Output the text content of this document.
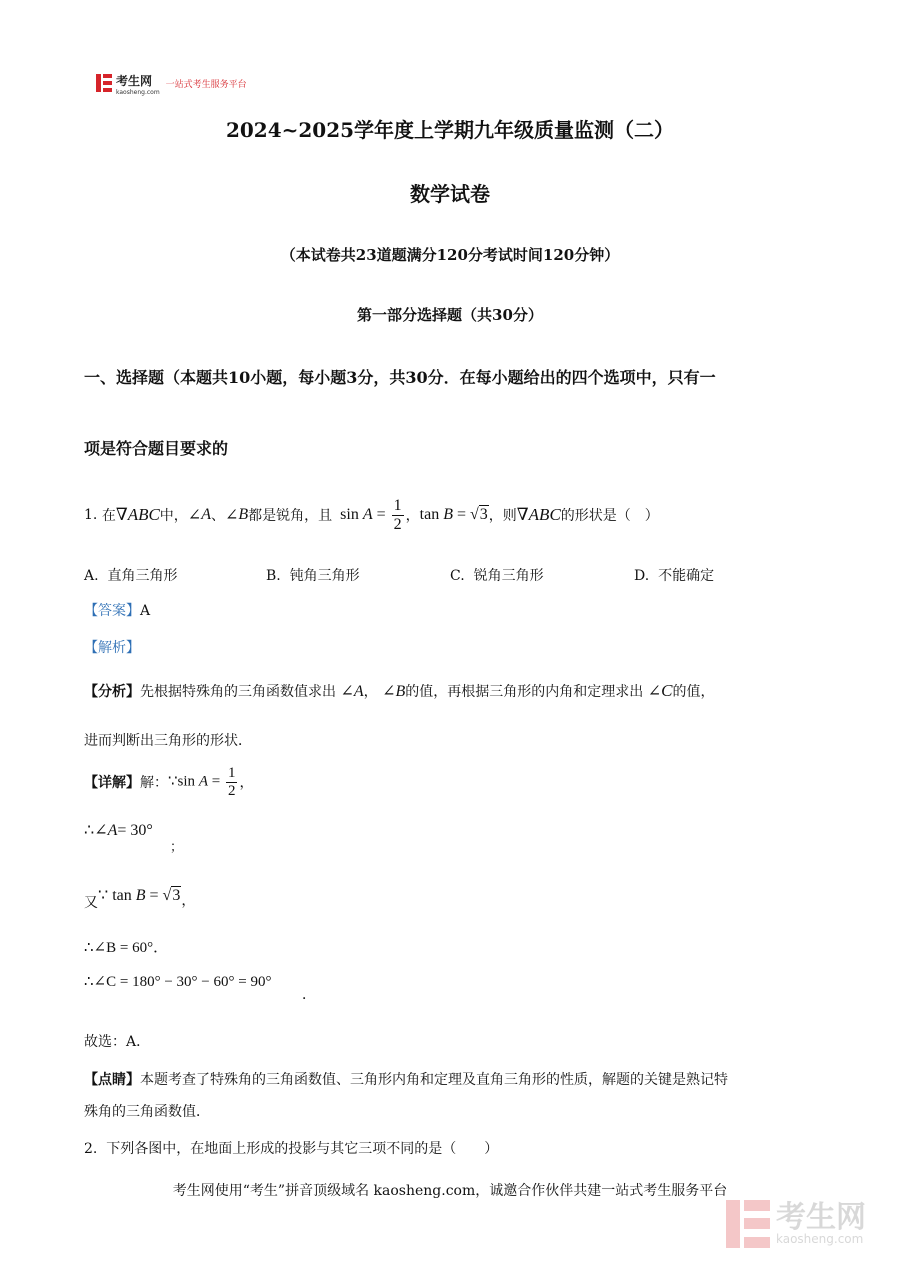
考生网
kaosheng.com
一站式考生服务平台
2024~2025学年度上学期九年级质量监测（二）
数学试卷
（本试卷共23道题满分120分考试时间120分钟）
第一部分选择题（共30分）
一、选择题（本题共10小题，每小题3分，共30分．在每小题给出的四个选项中，只有一
项是符合题目要求的
1.
在 ∇ ABC 中， ∠ A 、 ∠ B 都是锐角，且 $\sin A = \frac{1}{2}$ ， tan B = √3 ，则 ∇ ABC 的形状是（　）
A. 直角三角形	B. 钝角三角形	C. 锐角三角形	D. 不能确定
【答案】A
【解析】
【分析】先根据特殊角的三角函数值求出 ∠A， ∠B的值，再根据三角形的内角和定理求出 ∠C的值，
进而判断出三角形的形状．
【详解】 解： ∵sin $A = \frac{1}{2}$ ，
∴∠A= 30°
；
又 ∵ tan B = √3 ，
∴∠B = 60°．
∴∠C = 180° − 30° − 60° = 90°
．
故选：A．
【点睛】本题考查了特殊角的三角函数值、三角形内角和定理及直角三角形的性质，解题的关键是熟记特
殊角的三角函数值．
2. 下列各图中，在地面上形成的投影与其它三项不同的是（　　）
考生网使用“考生”拼音顶级域名 kaosheng.com，诚邀合作伙伴共建一站式考生服务平台
考生网
kaosheng.com
